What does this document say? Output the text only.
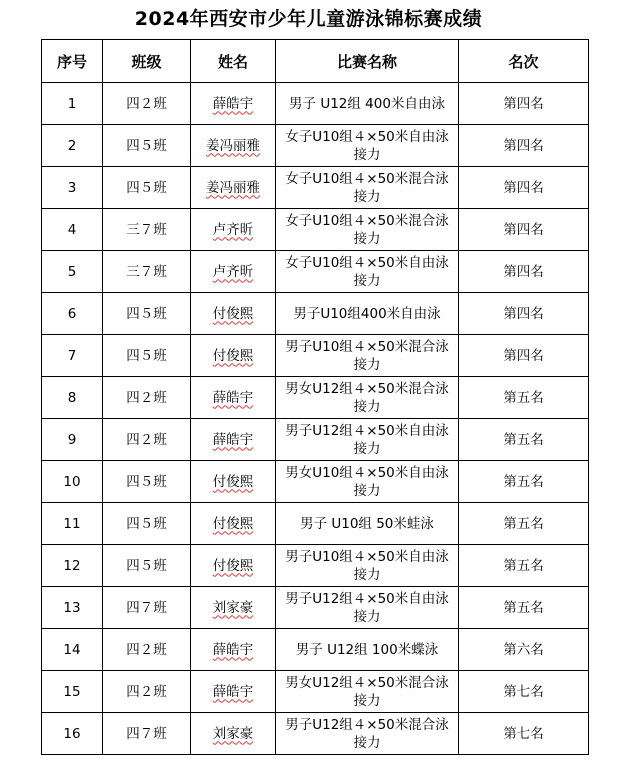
2024年西安市少年儿童游泳锦标赛成绩
序号	班级	姓名	比赛名称	名次
1	四２班	薛皓宇	男子 U12组 400米自由泳	第四名
2	四５班	姜冯丽雅	女子U10组４×50米自由泳接力	第四名
3	四５班	姜冯丽雅	女子U10组４×50米混合泳接力	第四名
4	三７班	卢齐昕	女子U10组４×50米混合泳接力	第四名
5	三７班	卢齐昕	女子U10组４×50米自由泳接力	第四名
6	四５班	付俊熙	男子U10组400米自由泳	第四名
7	四５班	付俊熙	男子U10组４×50米混合泳接力	第四名
8	四２班	薛皓宇	男女U12组４×50米混合泳接力	第五名
9	四２班	薛皓宇	男子U12组４×50米自由泳接力	第五名
10	四５班	付俊熙	男女U10组４×50米自由泳接力	第五名
11	四５班	付俊熙	男子 U10组 50米蛙泳	第五名
12	四５班	付俊熙	男子U10组４×50米自由泳接力	第五名
13	四７班	刘家豪	男子U12组４×50米自由泳接力	第五名
14	四２班	薛皓宇	男子 U12组 100米蝶泳	第六名
15	四２班	薛皓宇	男女U12组４×50米混合泳接力	第七名
16	四７班	刘家豪	男子U12组４×50米混合泳接力	第七名
